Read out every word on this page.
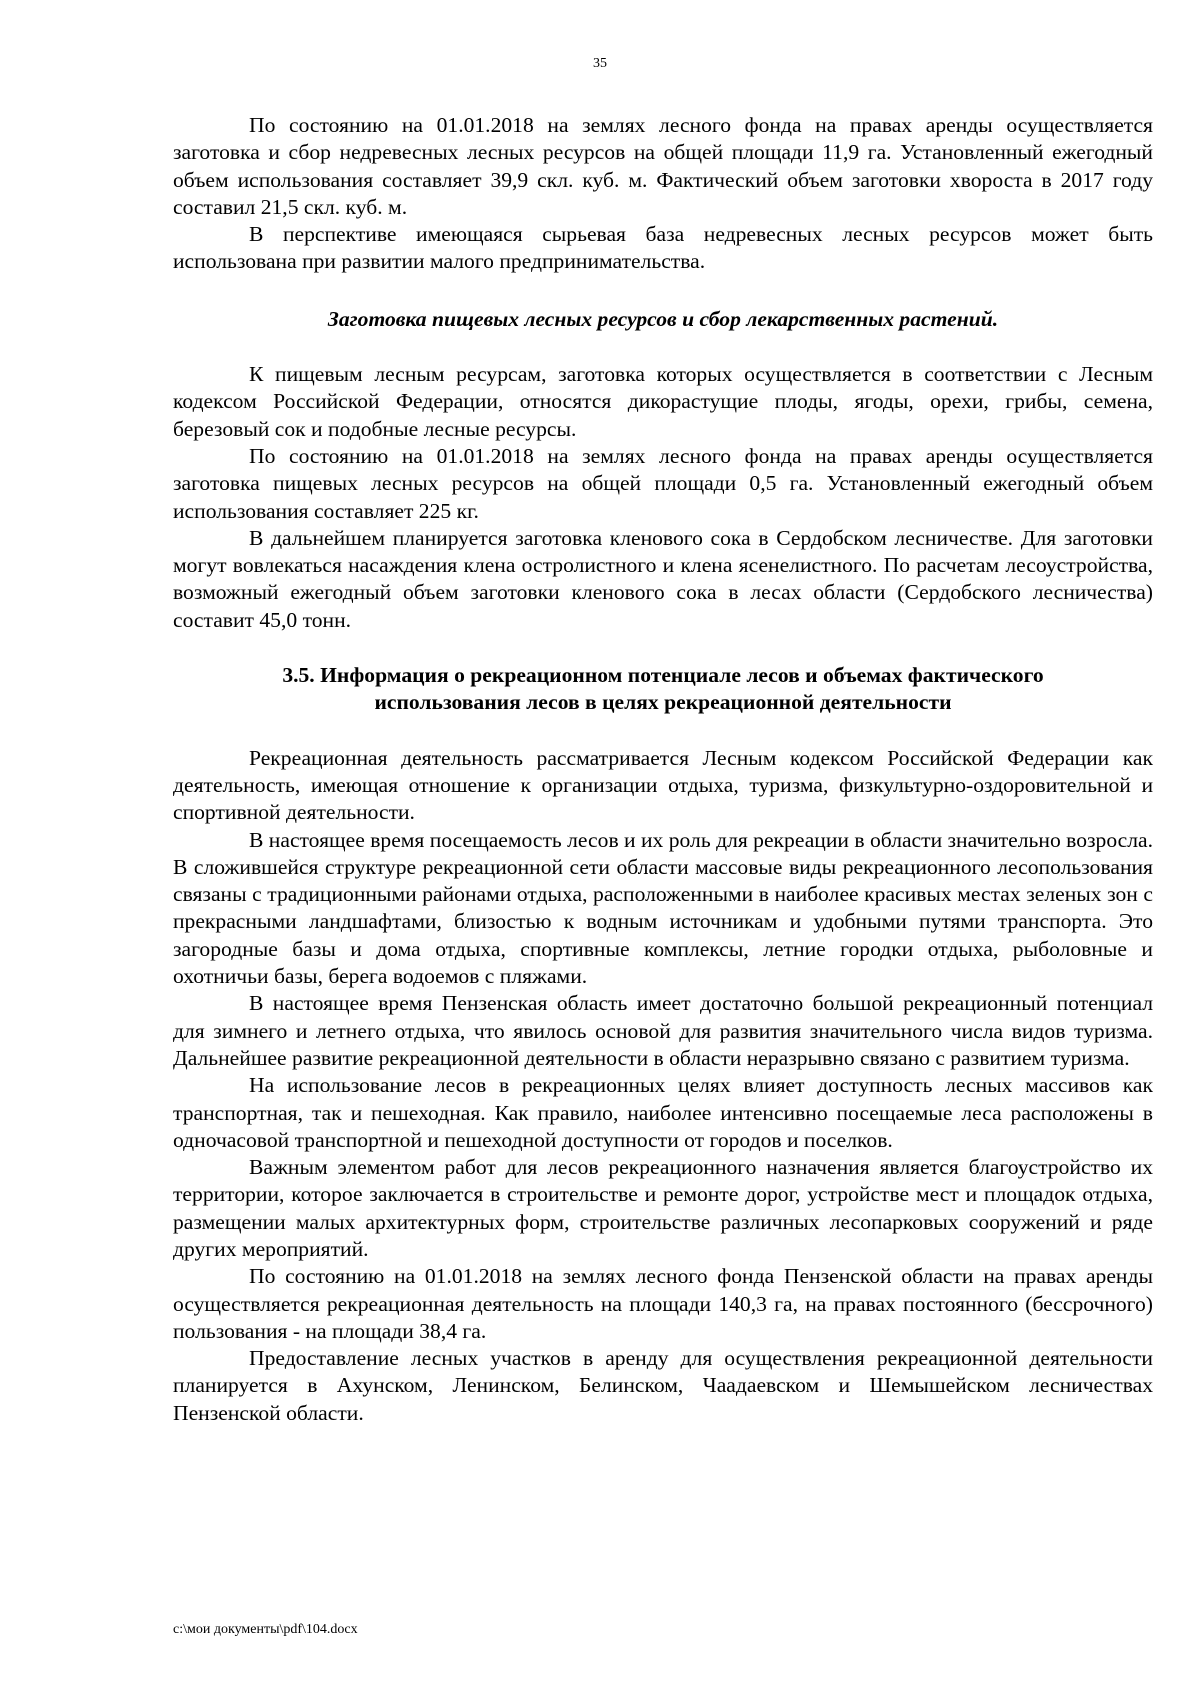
35

По состоянию на 01.01.2018 на землях лесного фонда на правах аренды осуществляется заготовка и сбор недревесных лесных ресурсов на общей площади 11,9 га. Установленный ежегодный объем использования составляет 39,9 скл. куб. м. Фактический объем заготовки хвороста в 2017 году составил 21,5 скл. куб. м.

В перспективе имеющаяся сырьевая база недревесных лесных ресурсов может быть использована при развитии малого предпринимательства.

Заготовка пищевых лесных ресурсов и сбор лекарственных растений.

К пищевым лесным ресурсам, заготовка которых осуществляется в соответствии с Лесным кодексом Российской Федерации, относятся дикорастущие плоды, ягоды, орехи, грибы, семена, березовый сок и подобные лесные ресурсы.

По состоянию на 01.01.2018 на землях лесного фонда на правах аренды осуществляется заготовка пищевых лесных ресурсов на общей площади 0,5 га. Установленный ежегодный объем использования составляет 225 кг.

В дальнейшем планируется заготовка кленового сока в Сердобском лесничестве. Для заготовки могут вовлекаться насаждения клена остролистного и клена ясенелистного. По расчетам лесоустройства, возможный ежегодный объем заготовки кленового сока в лесах области (Сердобского лесничества) составит 45,0 тонн.

3.5. Информация о рекреационном потенциале лесов и объемах фактического использования лесов в целях рекреационной деятельности

Рекреационная деятельность рассматривается Лесным кодексом Российской Федерации как деятельность, имеющая отношение к организации отдыха, туризма, физкультурно-оздоровительной и спортивной деятельности.

В настоящее время посещаемость лесов и их роль для рекреации в области значительно возросла. В сложившейся структуре рекреационной сети области массовые виды рекреационного лесопользования связаны с традиционными районами отдыха, расположенными в наиболее красивых местах зеленых зон с прекрасными ландшафтами, близостью к водным источникам и удобными путями транспорта. Это загородные базы и дома отдыха, спортивные комплексы, летние городки отдыха, рыболовные и охотничьи базы, берега водоемов с пляжами.

В настоящее время Пензенская область имеет достаточно большой рекреационный потенциал для зимнего и летнего отдыха, что явилось основой для развития значительного числа видов туризма. Дальнейшее развитие рекреационной деятельности в области неразрывно связано с развитием туризма.

На использование лесов в рекреационных целях влияет доступность лесных массивов как транспортная, так и пешеходная. Как правило, наиболее интенсивно посещаемые леса расположены в одночасовой транспортной и пешеходной доступности от городов и поселков.

Важным элементом работ для лесов рекреационного назначения является благоустройство их территории, которое заключается в строительстве и ремонте дорог, устройстве мест и площадок отдыха, размещении малых архитектурных форм, строительстве различных лесопарковых сооружений и ряде других мероприятий.

По состоянию на 01.01.2018 на землях лесного фонда Пензенской области на правах аренды осуществляется рекреационная деятельность на площади 140,3 га, на правах постоянного (бессрочного) пользования - на площади 38,4 га.

Предоставление лесных участков в аренду для осуществления рекреационной деятельности планируется в Ахунском, Ленинском, Белинском, Чаадаевском и Шемышейском лесничествах Пензенской области.

c:\мои документы\pdf\104.docx
